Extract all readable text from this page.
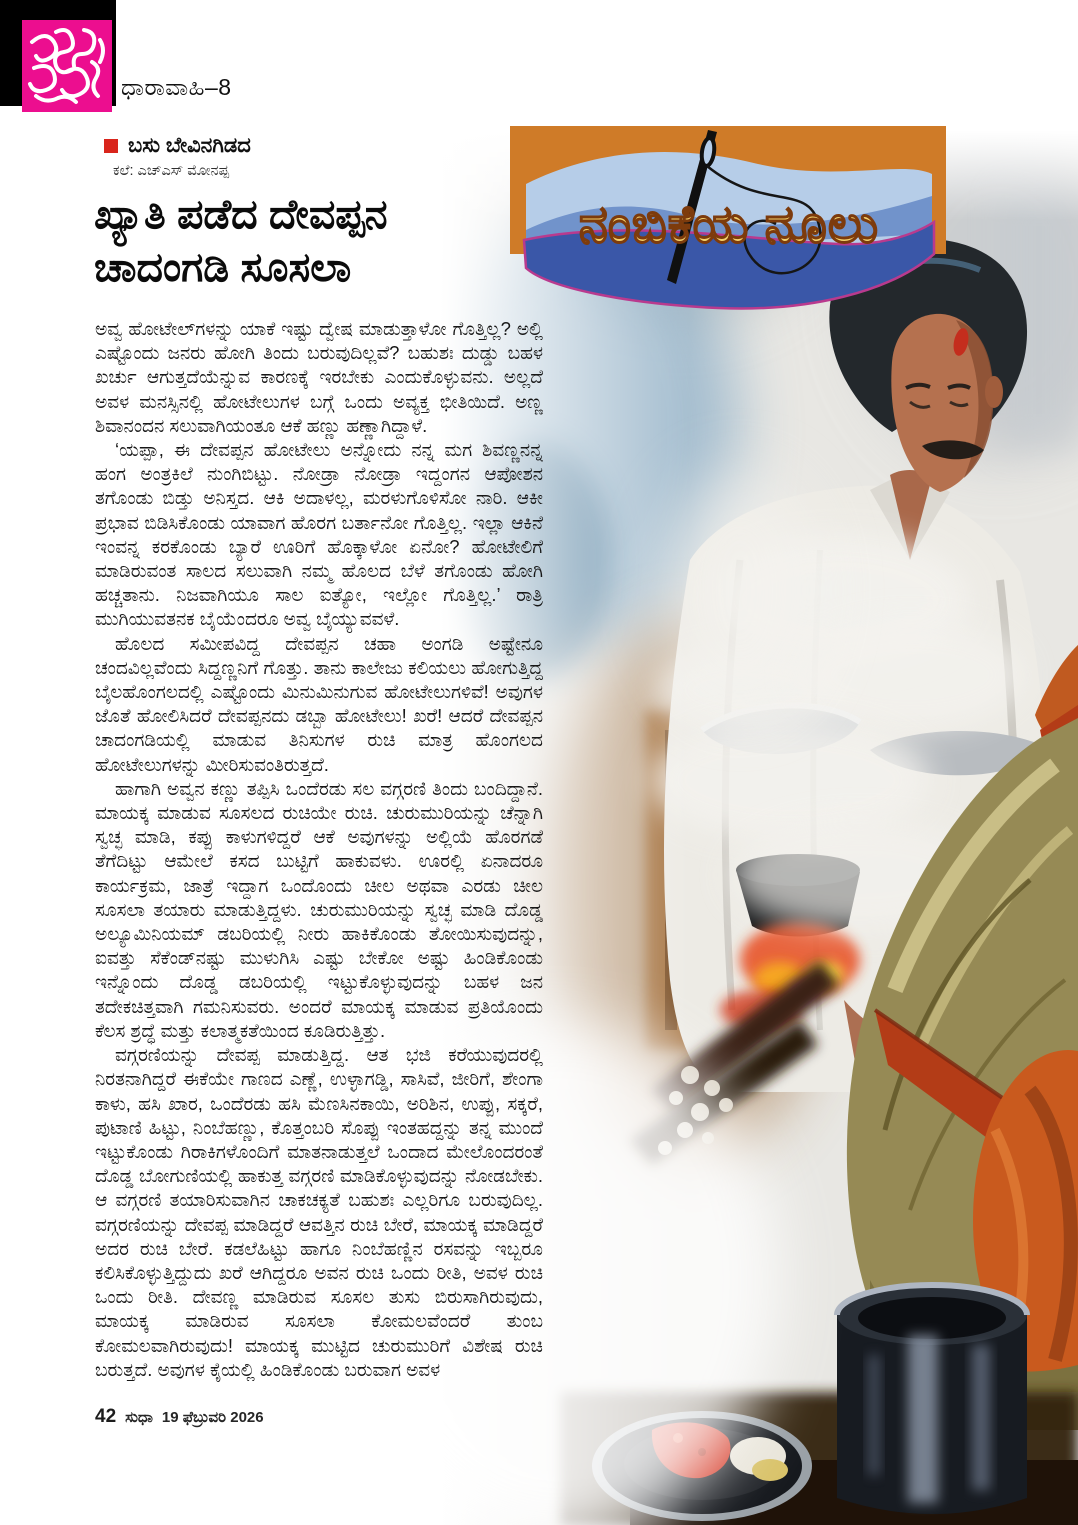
ಧಾರಾವಾಹಿ–8
ಬಸು ಬೇವಿನಗಿಡದ
ಕಲೆ: ಎಚ್‌ಎಸ್ ಮೋನಪ್ಪ
ಖ್ಯಾತಿ ಪಡೆದ ದೇವಪ್ಪನ
ಚಾದಂಗಡಿ ಸೂಸಲಾ
ನಂಬಿಕೆಯ ನೂಲು

ಅವ್ವ ಹೋಟೇಲ್‌ಗಳನ್ನು ಯಾಕೆ ಇಷ್ಟು ದ್ವೇಷ ಮಾಡುತ್ತಾಳೋ ಗೊತ್ತಿಲ್ಲ? ಅಲ್ಲಿ ಎಷ್ಟೊಂದು ಜನರು ಹೋಗಿ ತಿಂದು ಬರುವುದಿಲ್ಲವೆ? ಬಹುಶಃ ದುಡ್ಡು ಬಹಳ ಖರ್ಚು ಆಗುತ್ತದೆಯೆನ್ನುವ ಕಾರಣಕ್ಕೆ ಇರಬೇಕು ಎಂದುಕೊಳ್ಳುವನು. ಅಲ್ಲದೆ ಅವಳ ಮನಸ್ಸಿನಲ್ಲಿ ಹೋಟೇಲುಗಳ ಬಗ್ಗೆ ಒಂದು ಅವ್ಯಕ್ತ ಭೀತಿಯಿದೆ. ಅಣ್ಣ ಶಿವಾನಂದನ ಸಲುವಾಗಿಯಂತೂ ಆಕೆ ಹಣ್ಣು ಹಣ್ಣಾಗಿದ್ದಾಳೆ.

‘ಯಪ್ಪಾ, ಈ ದೇವಪ್ಪನ ಹೋಟೇಲು ಅನ್ನೋದು ನನ್ನ ಮಗ ಶಿವಣ್ಣನನ್ನ ಹಂಗ ಅಂತ್ರಕಿಲೆ ನುಂಗಿಬಿಟ್ಟು. ನೋಡ್ರಾ ನೋಡ್ರಾ ಇದ್ದಂಗನ ಆಪೋಶನ ತಗೊಂಡು ಬಿಡ್ತು ಅನಿಸ್ತದ. ಆಕಿ ಅದಾಳಲ್ಲ, ಮರಳುಗೊಳಿಸೋ ನಾರಿ. ಆಕೀ ಪ್ರಭಾವ ಬಿಡಿಸಿಕೊಂಡು ಯಾವಾಗ ಹೊರಗ ಬರ್ತಾನೋ ಗೊತ್ತಿಲ್ಲ. ಇಲ್ಲಾ ಆಕಿನೆ ಇಂವನ್ನ ಕರಕೊಂಡು ಬ್ಯಾರೆ ಊರಿಗೆ ಹೊಕ್ಕಾಳೋ ಏನೋ? ಹೋಟೇಲಿಗೆ ಮಾಡಿರುವಂತ ಸಾಲದ ಸಲುವಾಗಿ ನಮ್ಮ ಹೊಲದ ಬೆಳೆ ತಗೊಂಡು ಹೋಗಿ ಹಚ್ಚತಾನು. ನಿಜವಾಗಿಯೂ ಸಾಲ ಐತ್ಯೋ, ಇಲ್ಲೋ ಗೊತ್ತಿಲ್ಲ.’ ರಾತ್ರಿ ಮುಗಿಯುವತನಕ ಬೈಯೆಂದರೂ ಅವ್ವ ಬೈಯ್ಯುವವಳೆ.

ಹೊಲದ ಸಮೀಪವಿದ್ದ ದೇವಪ್ಪನ ಚಹಾ ಅಂಗಡಿ ಅಷ್ಟೇನೂ ಚಂದವಿಲ್ಲವೆಂದು ಸಿದ್ದಣ್ಣನಿಗೆ ಗೊತ್ತು. ತಾನು ಕಾಲೇಜು ಕಲಿಯಲು ಹೋಗುತ್ತಿದ್ದ ಬೈಲಹೊಂಗಲದಲ್ಲಿ ಎಷ್ಟೊಂದು ಮಿನುಮಿನುಗುವ ಹೋಟೇಲುಗಳಿವೆ! ಅವುಗಳ ಜೊತೆ ಹೋಲಿಸಿದರೆ ದೇವಪ್ಪನದು ಡಬ್ಬಾ ಹೋಟೇಲು! ಖರೆ! ಆದರೆ ದೇವಪ್ಪನ ಚಾದಂಗಡಿಯಲ್ಲಿ ಮಾಡುವ ತಿನಿಸುಗಳ ರುಚಿ ಮಾತ್ರ ಹೊಂಗಲದ ಹೋಟೇಲುಗಳನ್ನು ಮೀರಿಸುವಂತಿರುತ್ತದೆ.

ಹಾಗಾಗಿ ಅವ್ವನ ಕಣ್ಣು ತಪ್ಪಿಸಿ ಒಂದೆರಡು ಸಲ ವಗ್ಗರಣಿ ತಿಂದು ಬಂದಿದ್ದಾನೆ. ಮಾಯಕ್ಕ ಮಾಡುವ ಸೂಸಲದ ರುಚಿಯೇ ರುಚಿ. ಚುರುಮುರಿಯನ್ನು ಚೆನ್ನಾಗಿ ಸ್ವಚ್ಛ ಮಾಡಿ, ಕಪ್ಪು ಕಾಳುಗಳಿದ್ದರೆ ಆಕೆ ಅವುಗಳನ್ನು ಅಲ್ಲಿಯೆ ಹೊರಗಡೆ ತೆಗೆದಿಟ್ಟು ಆಮೇಲೆ ಕಸದ ಬುಟ್ಟಿಗೆ ಹಾಕುವಳು. ಊರಲ್ಲಿ ಏನಾದರೂ ಕಾರ್ಯಕ್ರಮ, ಜಾತ್ರೆ ಇದ್ದಾಗ ಒಂದೊಂದು ಚೀಲ ಅಥವಾ ಎರಡು ಚೀಲ ಸೂಸಲಾ ತಯಾರು ಮಾಡುತ್ತಿದ್ದಳು. ಚುರುಮುರಿಯನ್ನು ಸ್ವಚ್ಛ ಮಾಡಿ ದೊಡ್ಡ ಅಲ್ಯೂಮಿನಿಯಮ್ ಡಬರಿಯಲ್ಲಿ ನೀರು ಹಾಕಿಕೊಂಡು ತೋಯಿಸುವುದನ್ನು, ಐವತ್ತು ಸೆಕೆಂಡ್‌ನಷ್ಟು ಮುಳುಗಿಸಿ ಎಷ್ಟು ಬೇಕೋ ಅಷ್ಟು ಹಿಂಡಿಕೊಂಡು ಇನ್ನೊಂದು ದೊಡ್ಡ ಡಬರಿಯಲ್ಲಿ ಇಟ್ಟುಕೊಳ್ಳುವುದನ್ನು ಬಹಳ ಜನ ತದೇಕಚಿತ್ತವಾಗಿ ಗಮನಿಸುವರು. ಅಂದರೆ ಮಾಯಕ್ಕ ಮಾಡುವ ಪ್ರತಿಯೊಂದು ಕೆಲಸ ಶ್ರದ್ಧೆ ಮತ್ತು ಕಲಾತ್ಮಕತೆಯಿಂದ ಕೂಡಿರುತ್ತಿತ್ತು.

ವಗ್ಗರಣಿಯನ್ನು ದೇವಪ್ಪ ಮಾಡುತ್ತಿದ್ದ. ಆತ ಭಜಿ ಕರೆಯುವುದರಲ್ಲಿ ನಿರತನಾಗಿದ್ದರೆ ಈಕೆಯೇ ಗಾಣದ ಎಣ್ಣೆ, ಉಳ್ಳಾಗಡ್ಡಿ, ಸಾಸಿವೆ, ಜೀರಿಗೆ, ಶೇಂಗಾ ಕಾಳು, ಹಸಿ ಖಾರ, ಒಂದೆರಡು ಹಸಿ ಮೆಣಸಿನಕಾಯಿ, ಅರಿಶಿನ, ಉಪ್ಪು, ಸಕ್ಕರೆ, ಪುಟಾಣಿ ಹಿಟ್ಟು, ನಿಂಬೆಹಣ್ಣು, ಕೊತ್ತಂಬರಿ ಸೊಪ್ಪು ಇಂತಹದ್ದನ್ನು ತನ್ನ ಮುಂದೆ ಇಟ್ಟುಕೊಂಡು ಗಿರಾಕಿಗಳೊಂದಿಗೆ ಮಾತನಾಡುತ್ತಲೆ ಒಂದಾದ ಮೇಲೊಂದರಂತೆ ದೊಡ್ಡ ಬೋಗುಣಿಯಲ್ಲಿ ಹಾಕುತ್ತ ವಗ್ಗರಣಿ ಮಾಡಿಕೊಳ್ಳುವುದನ್ನು ನೋಡಬೇಕು. ಆ ವಗ್ಗರಣಿ ತಯಾರಿಸುವಾಗಿನ ಚಾಕಚಕ್ಯತೆ ಬಹುಶಃ ಎಲ್ಲರಿಗೂ ಬರುವುದಿಲ್ಲ. ವಗ್ಗರಣಿಯನ್ನು ದೇವಪ್ಪ ಮಾಡಿದ್ದರೆ ಆವತ್ತಿನ ರುಚಿ ಬೇರೆ, ಮಾಯಕ್ಕ ಮಾಡಿದ್ದರೆ ಅದರ ರುಚಿ ಬೇರೆ. ಕಡಲೆಹಿಟ್ಟು ಹಾಗೂ ನಿಂಬೆಹಣ್ಣಿನ ರಸವನ್ನು ಇಬ್ಬರೂ ಕಲಿಸಿಕೊಳ್ಳುತ್ತಿದ್ದುದು ಖರೆ ಆಗಿದ್ದರೂ ಅವನ ರುಚಿ ಒಂದು ರೀತಿ, ಅವಳ ರುಚಿ ಒಂದು ರೀತಿ. ದೇವಣ್ಣ ಮಾಡಿರುವ ಸೂಸಲ ತುಸು ಬಿರುಸಾಗಿರುವುದು, ಮಾಯಕ್ಕ ಮಾಡಿರುವ ಸೂಸಲಾ ಕೋಮಲವೆಂದರೆ ತುಂಬ ಕೋಮಲವಾಗಿರುವುದು! ಮಾಯಕ್ಕ ಮುಟ್ಟಿದ ಚುರುಮುರಿಗೆ ವಿಶೇಷ ರುಚಿ ಬರುತ್ತದೆ. ಅವುಗಳ ಕೈಯಲ್ಲಿ ಹಿಂಡಿಕೊಂಡು ಬರುವಾಗ ಅವಳ

42 ಸುಧಾ 19 ಫೆಬ್ರುವರಿ 2026
